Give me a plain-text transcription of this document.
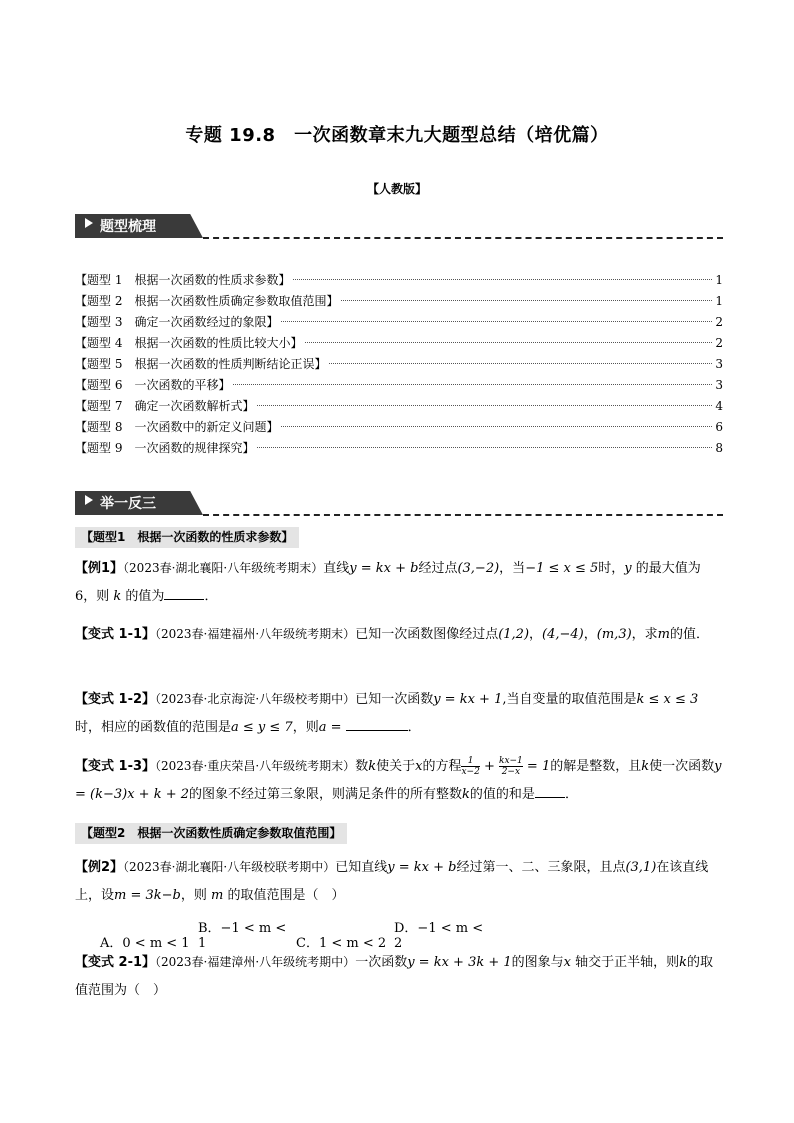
专题 19.8　一次函数章末九大题型总结（培优篇）
【人教版】
题型梳理
【题型 1　根据一次函数的性质求参数】	1
【题型 2　根据一次函数性质确定参数取值范围】	1
【题型 3　确定一次函数经过的象限】	2
【题型 4　根据一次函数的性质比较大小】	2
【题型 5　根据一次函数的性质判断结论正误】	3
【题型 6　一次函数的平移】	3
【题型 7　确定一次函数解析式】	4
【题型 8　一次函数中的新定义问题】	6
【题型 9　一次函数的规律探究】	8
举一反三
【题型1　根据一次函数的性质求参数】
【例1】（2023春·湖北襄阳·八年级统考期末）直线y = kx + b经过点(3,−2)，当−1 ≤ x ≤ 5时，y 的最大值为 6，则 k 的值为	．
【变式 1-1】（2023春·福建福州·八年级统考期末）已知一次函数图像经过点(1,2)，(4,−4)，(m,3)，求m的值．
【变式 1-2】（2023春·北京海淀·八年级校考期中）已知一次函数y = kx + 1,当自变量的取值范围是k ≤ x ≤ 3时，相应的函数值的范围是a ≤ y ≤ 7，则a =	．
【变式 1-3】（2023春·重庆荣昌·八年级统考期末）数k使关于x的方程 $\frac{1}{x-2} + \frac{kx-1}{2-x} = 1$的解是整数，且k使一次函数y = (k−3)x + k + 2的图象不经过第三象限，则满足条件的所有整数k的值的和是 ．
【题型2　根据一次函数性质确定参数取值范围】
【例2】（2023春·湖北襄阳·八年级校联考期中）已知直线y = kx + b经过第一、二、三象限，且点(3,1)在该直线上，设m = 3k−b，则 m 的取值范围是（　）
A．0 < m < 1B．−1 < m < 1	C．1 < m < 2D．−1 < m < 2
【变式 2-1】（2023春·福建漳州·八年级统考期中）一次函数y = kx + 3k + 1的图象与x 轴交于正半轴，则k的取值范围为（　）
